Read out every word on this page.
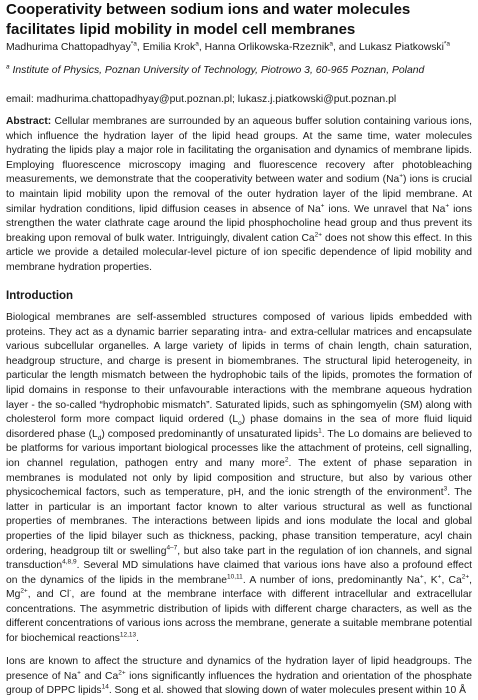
Cooperativity between sodium ions and water molecules facilitates lipid mobility in model cell membranes
Madhurima Chattopadhyay$^{*a}$, Emilia Krok$^a$, Hanna Orlikowska-Rzeznik$^a$, and Lukasz Piatkowski$^{*a}$
$^a$ Institute of Physics, Poznan University of Technology, Piotrowo 3, 60-965 Poznan, Poland
email: madhurima.chattopadhyay@put.poznan.pl; lukasz.j.piatkowski@put.poznan.pl
Abstract: Cellular membranes are surrounded by an aqueous buffer solution containing various ions, which influence the hydration layer of the lipid head groups. At the same time, water molecules hydrating the lipids play a major role in facilitating the organisation and dynamics of membrane lipids. Employing fluorescence microscopy imaging and fluorescence recovery after photobleaching measurements, we demonstrate that the cooperativity between water and sodium (Na+) ions is crucial to maintain lipid mobility upon the removal of the outer hydration layer of the lipid membrane. At similar hydration conditions, lipid diffusion ceases in absence of Na+ ions. We unravel that Na+ ions strengthen the water clathrate cage around the lipid phosphocholine head group and thus prevent its breaking upon removal of bulk water. Intriguingly, divalent cation $Ca^{2+}$ does not show this effect. In this article we provide a detailed molecular-level picture of ion specific dependence of lipid mobility and membrane hydration properties.
Introduction
Biological membranes are self-assembled structures composed of various lipids embedded with proteins. They act as a dynamic barrier separating intra- and extra-cellular matrices and encapsulate various subcellular organelles. A large variety of lipids in terms of chain length, chain saturation, headgroup structure, and charge is present in biomembranes. The structural lipid heterogeneity, in particular the length mismatch between the hydrophobic tails of the lipids, promotes the formation of lipid domains in response to their unfavourable interactions with the membrane aqueous hydration layer - the so-called “hydrophobic mismatch”. Saturated lipids, such as sphingomyelin (SM) along with cholesterol form more compact liquid ordered $(L_o)$ phase domains in the sea of more fluid liquid disordered phase $(L_d)$ composed predominantly of unsaturated lipids$^1$. The Lo domains are believed to be platforms for various important biological processes like the attachment of proteins, cell signalling, ion channel regulation, pathogen entry and many more$^2$. The extent of phase separation in membranes is modulated not only by lipid composition and structure, but also by various other physicochemical factors, such as temperature, pH, and the ionic strength of the environment$^3$. The latter in particular is an important factor known to alter various structural as well as functional properties of membranes. The interactions between lipids and ions modulate the local and global properties of the lipid bilayer such as thickness, packing, phase transition temperature, acyl chain ordering, headgroup tilt or swelling$^{4-7}$, but also take part in the regulation of ion channels, and signal transduction$^{4,8,9}$. Several MD simulations have claimed that various ions have also a profound effect on the dynamics of the lipids in the membrane$^{10,11}$. A number of ions, predominantly Na+, K+, $Ca^{2+}$, $Mg^{2+}$, and Cl-, are found at the membrane interface with different intracellular and extracellular concentrations. The asymmetric distribution of lipids with different charge characters, as well as the different concentrations of various ions across the membrane, generate a suitable membrane potential for biochemical reactions$^{12,13}$.
Ions are known to affect the structure and dynamics of the hydration layer of lipid headgroups. The presence of Na+ and $Ca^{2+}$ ions significantly influences the hydration and orientation of the phosphate group of DPPC lipids$^{14}$. Song et al. showed that slowing down of water molecules present within 10 Å
